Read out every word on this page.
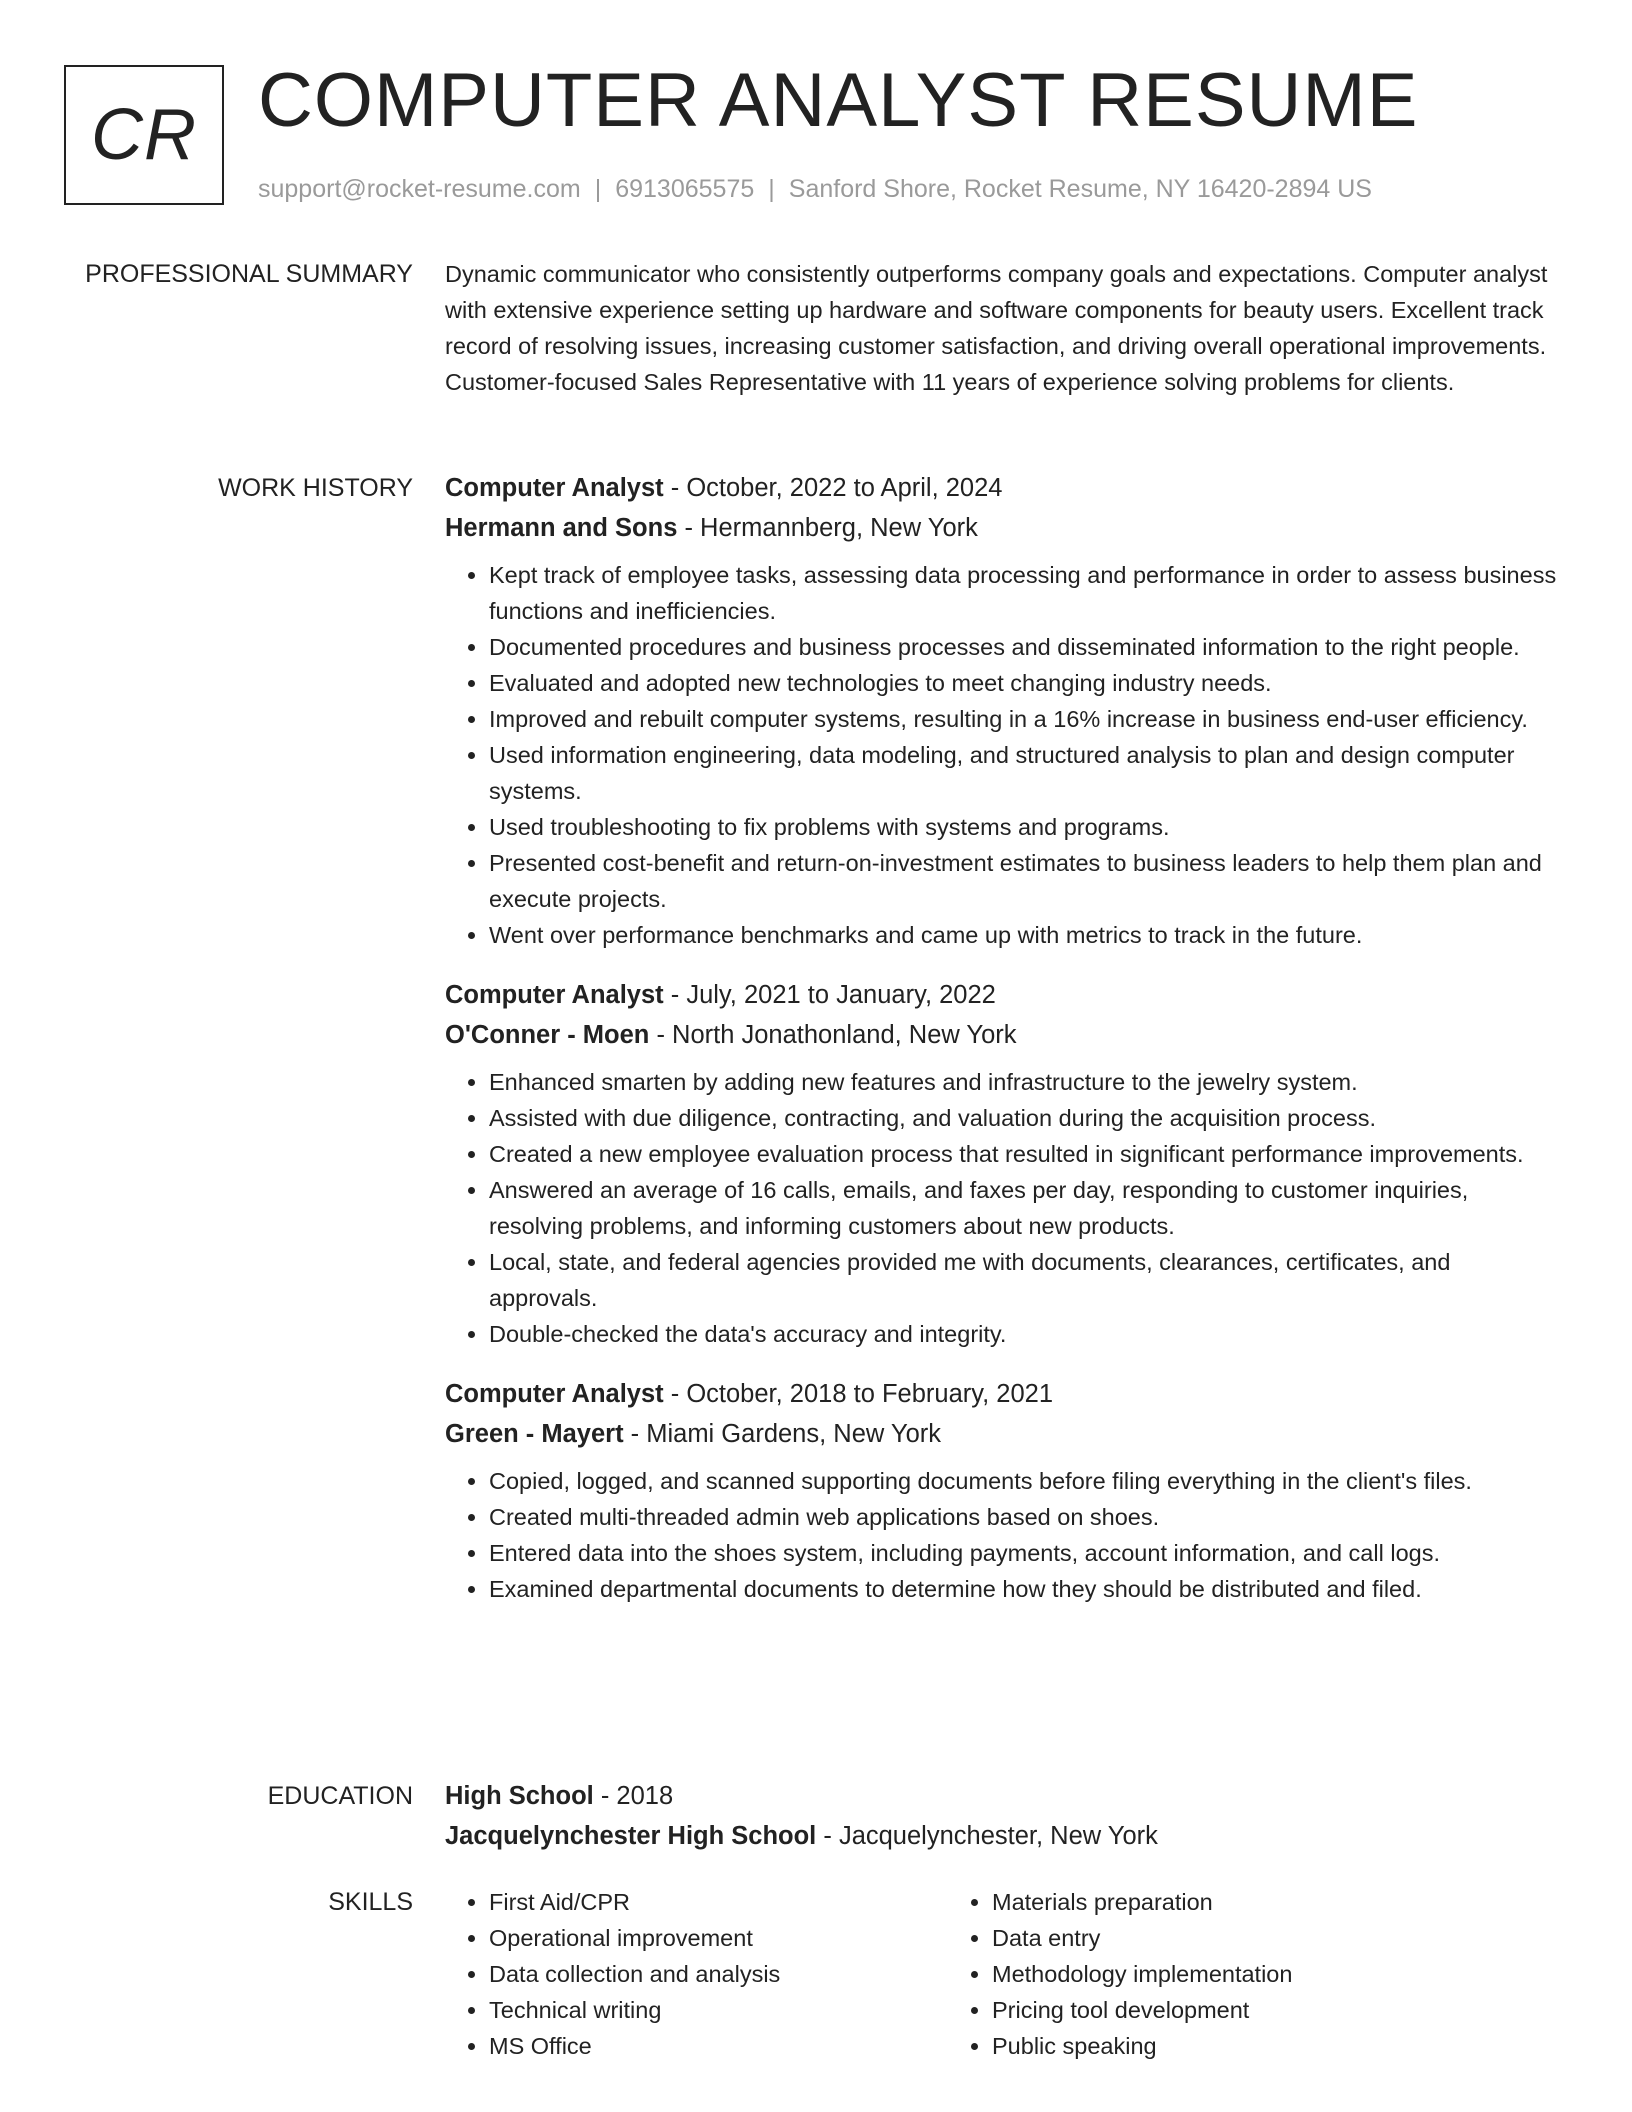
CR COMPUTER ANALYST RESUME
support@rocket-resume.com | 6913065575 | Sanford Shore, Rocket Resume, NY 16420-2894 US
PROFESSIONAL SUMMARY Dynamic communicator who consistently outperforms company goals and expectations. Computer analyst with extensive experience setting up hardware and software components for beauty users. Excellent track record of resolving issues, increasing customer satisfaction, and driving overall operational improvements. Customer-focused Sales Representative with 11 years of experience solving problems for clients.

WORK HISTORY Computer Analyst - October, 2022 to April, 2024
Hermann and Sons - Hermannberg, New York
• Kept track of employee tasks, assessing data processing and performance in order to assess business functions and inefficiencies.
• Documented procedures and business processes and disseminated information to the right people.
• Evaluated and adopted new technologies to meet changing industry needs.
• Improved and rebuilt computer systems, resulting in a 16% increase in business end-user efficiency.
• Used information engineering, data modeling, and structured analysis to plan and design computer systems.
• Used troubleshooting to fix problems with systems and programs.
• Presented cost-benefit and return-on-investment estimates to business leaders to help them plan and execute projects.
• Went over performance benchmarks and came up with metrics to track in the future.
Computer Analyst - July, 2021 to January, 2022
O'Conner - Moen - North Jonathonland, New York
• Enhanced smarten by adding new features and infrastructure to the jewelry system.
• Assisted with due diligence, contracting, and valuation during the acquisition process.
• Created a new employee evaluation process that resulted in significant performance improvements.
• Answered an average of 16 calls, emails, and faxes per day, responding to customer inquiries, resolving problems, and informing customers about new products.
• Local, state, and federal agencies provided me with documents, clearances, certificates, and approvals.
• Double-checked the data's accuracy and integrity.
Computer Analyst - October, 2018 to February, 2021
Green - Mayert - Miami Gardens, New York
• Copied, logged, and scanned supporting documents before filing everything in the client's files.
• Created multi-threaded admin web applications based on shoes.
• Entered data into the shoes system, including payments, account information, and call logs.
• Examined departmental documents to determine how they should be distributed and filed.
EDUCATION High School - 2018
Jacquelynchester High School - Jacquelynchester, New York
SKILLS
•	First Aid/CPR
• Operational improvement
• Data collection and analysis
• Technical writing
• MS Office
• Materials preparation
• Data entry
• Methodology implementation
• Pricing tool development
• Public speaking
